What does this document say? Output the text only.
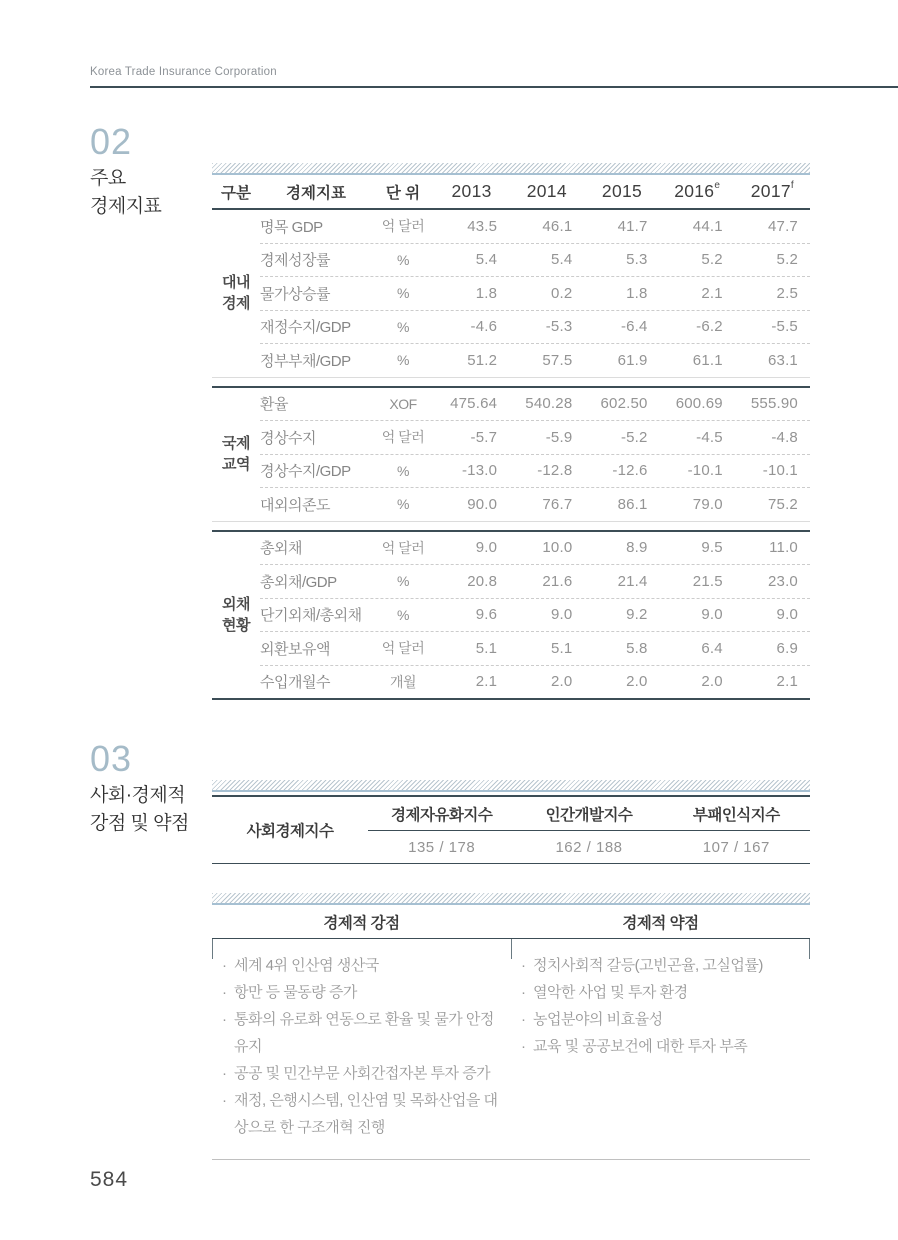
Korea Trade Insurance Corporation
02
주요
경제지표
구분	경제지표	단 위	2013	2014	2015	2016e	2017$^f$
대내
경제
명목 GDP	억 달러	43.5	46.1	41.7	44.1	47.7
경제성장률	%	5.4	5.4	5.3	5.2	5.2
물가상승률	%	1.8	0.2	1.8	2.1	2.5
재정수지/GDP	%	-4.6	-5.3	-6.4	-6.2	-5.5
정부부채/GDP	%	51.2	57.5	61.9	61.1	63.1
국제
교역
환율	XOF	475.64	540.28	602.50	600.69	555.90
경상수지	억 달러	-5.7	-5.9	-5.2	-4.5	-4.8
경상수지/GDP	%	-13.0	-12.8	-12.6	-10.1	-10.1
대외의존도	%	90.0	76.7	86.1	79.0	75.2
외채
현황
총외채	억 달러	9.0	10.0	8.9	9.5	11.0
총외채/GDP	%	20.8	21.6	21.4	21.5	23.0
단기외채/총외채	%	9.6	9.0	9.2	9.0	9.0
외환보유액	억 달러	5.1	5.1	5.8	6.4	6.9
수입개월수	개월	2.1	2.0	2.0	2.0	2.1
03
사회·경제적
강점 및 약점	사회경제지수
경제자유화지수	인간개발지수	부패인식지수
135 / 178	162 / 188	107 / 167
경제적 강점	경제적 약점
· 세계 4위 인산염 생산국
· 항만 등 물동량 증가
· 통화의 유로화 연동으로 환율 및 물가 안정 유지
· 공공 및 민간부문 사회간접자본 투자 증가
· 재정, 은행시스템, 인산염 및 목화산업을 대상으로 한 구조개혁 진행
· 정치사회적 갈등(고빈곤율, 고실업률)
· 열악한 사업 및 투자 환경
· 농업분야의 비효율성
· 교육 및 공공보건에 대한 투자 부족
584
